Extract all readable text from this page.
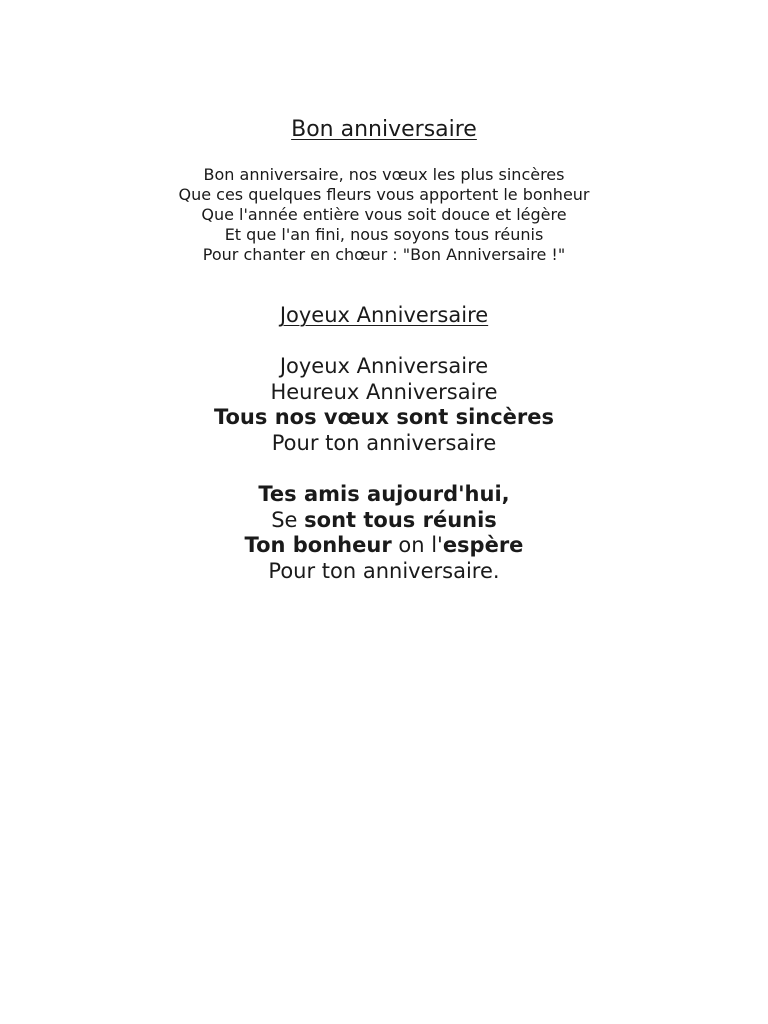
Bon anniversaire
Bon anniversaire, nos vœux les plus sincères
Que ces quelques fleurs vous apportent le bonheur
Que l'année entière vous soit douce et légère
Et que l'an fini, nous soyons tous réunis
Pour chanter en chœur : "Bon Anniversaire !"
Joyeux Anniversaire
Joyeux Anniversaire
Heureux Anniversaire
Tous nos vœux sont sincères
Pour ton anniversaire
Tes amis aujourd'hui,
Se sont tous réunis
Ton bonheur on l'espère
Pour ton anniversaire.
